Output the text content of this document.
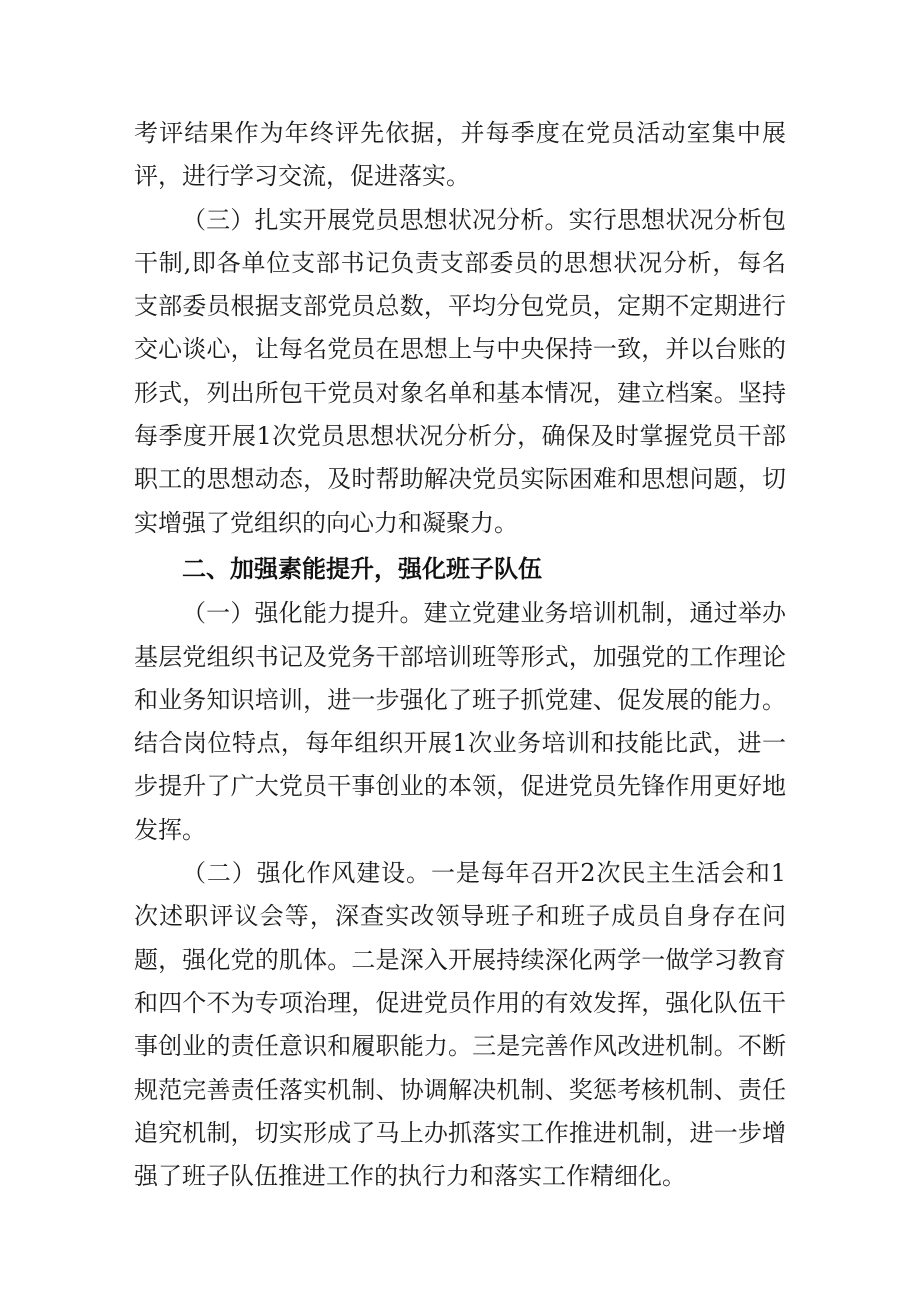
考评结果作为年终评先依据，并每季度在党员活动室集中展评，进行学习交流，促进落实。

（三）扎实开展党员思想状况分析。实行思想状况分析包干制,即各单位支部书记负责支部委员的思想状况分析，每名支部委员根据支部党员总数，平均分包党员，定期不定期进行交心谈心，让每名党员在思想上与中央保持一致，并以台账的形式，列出所包干党员对象名单和基本情况，建立档案。坚持每季度开展1次党员思想状况分析分，确保及时掌握党员干部职工的思想动态，及时帮助解决党员实际困难和思想问题，切实增强了党组织的向心力和凝聚力。

二、加强素能提升，强化班子队伍

（一）强化能力提升。建立党建业务培训机制，通过举办基层党组织书记及党务干部培训班等形式，加强党的工作理论和业务知识培训，进一步强化了班子抓党建、促发展的能力。结合岗位特点，每年组织开展1次业务培训和技能比武，进一步提升了广大党员干事创业的本领，促进党员先锋作用更好地发挥。

（二）强化作风建设。一是每年召开2次民主生活会和1次述职评议会等，深查实改领导班子和班子成员自身存在问题，强化党的肌体。二是深入开展持续深化两学一做学习教育和四个不为专项治理，促进党员作用的有效发挥，强化队伍干事创业的责任意识和履职能力。三是完善作风改进机制。不断规范完善责任落实机制、协调解决机制、奖惩考核机制、责任追究机制，切实形成了马上办抓落实工作推进机制，进一步增强了班子队伍推进工作的执行力和落实工作精细化。
